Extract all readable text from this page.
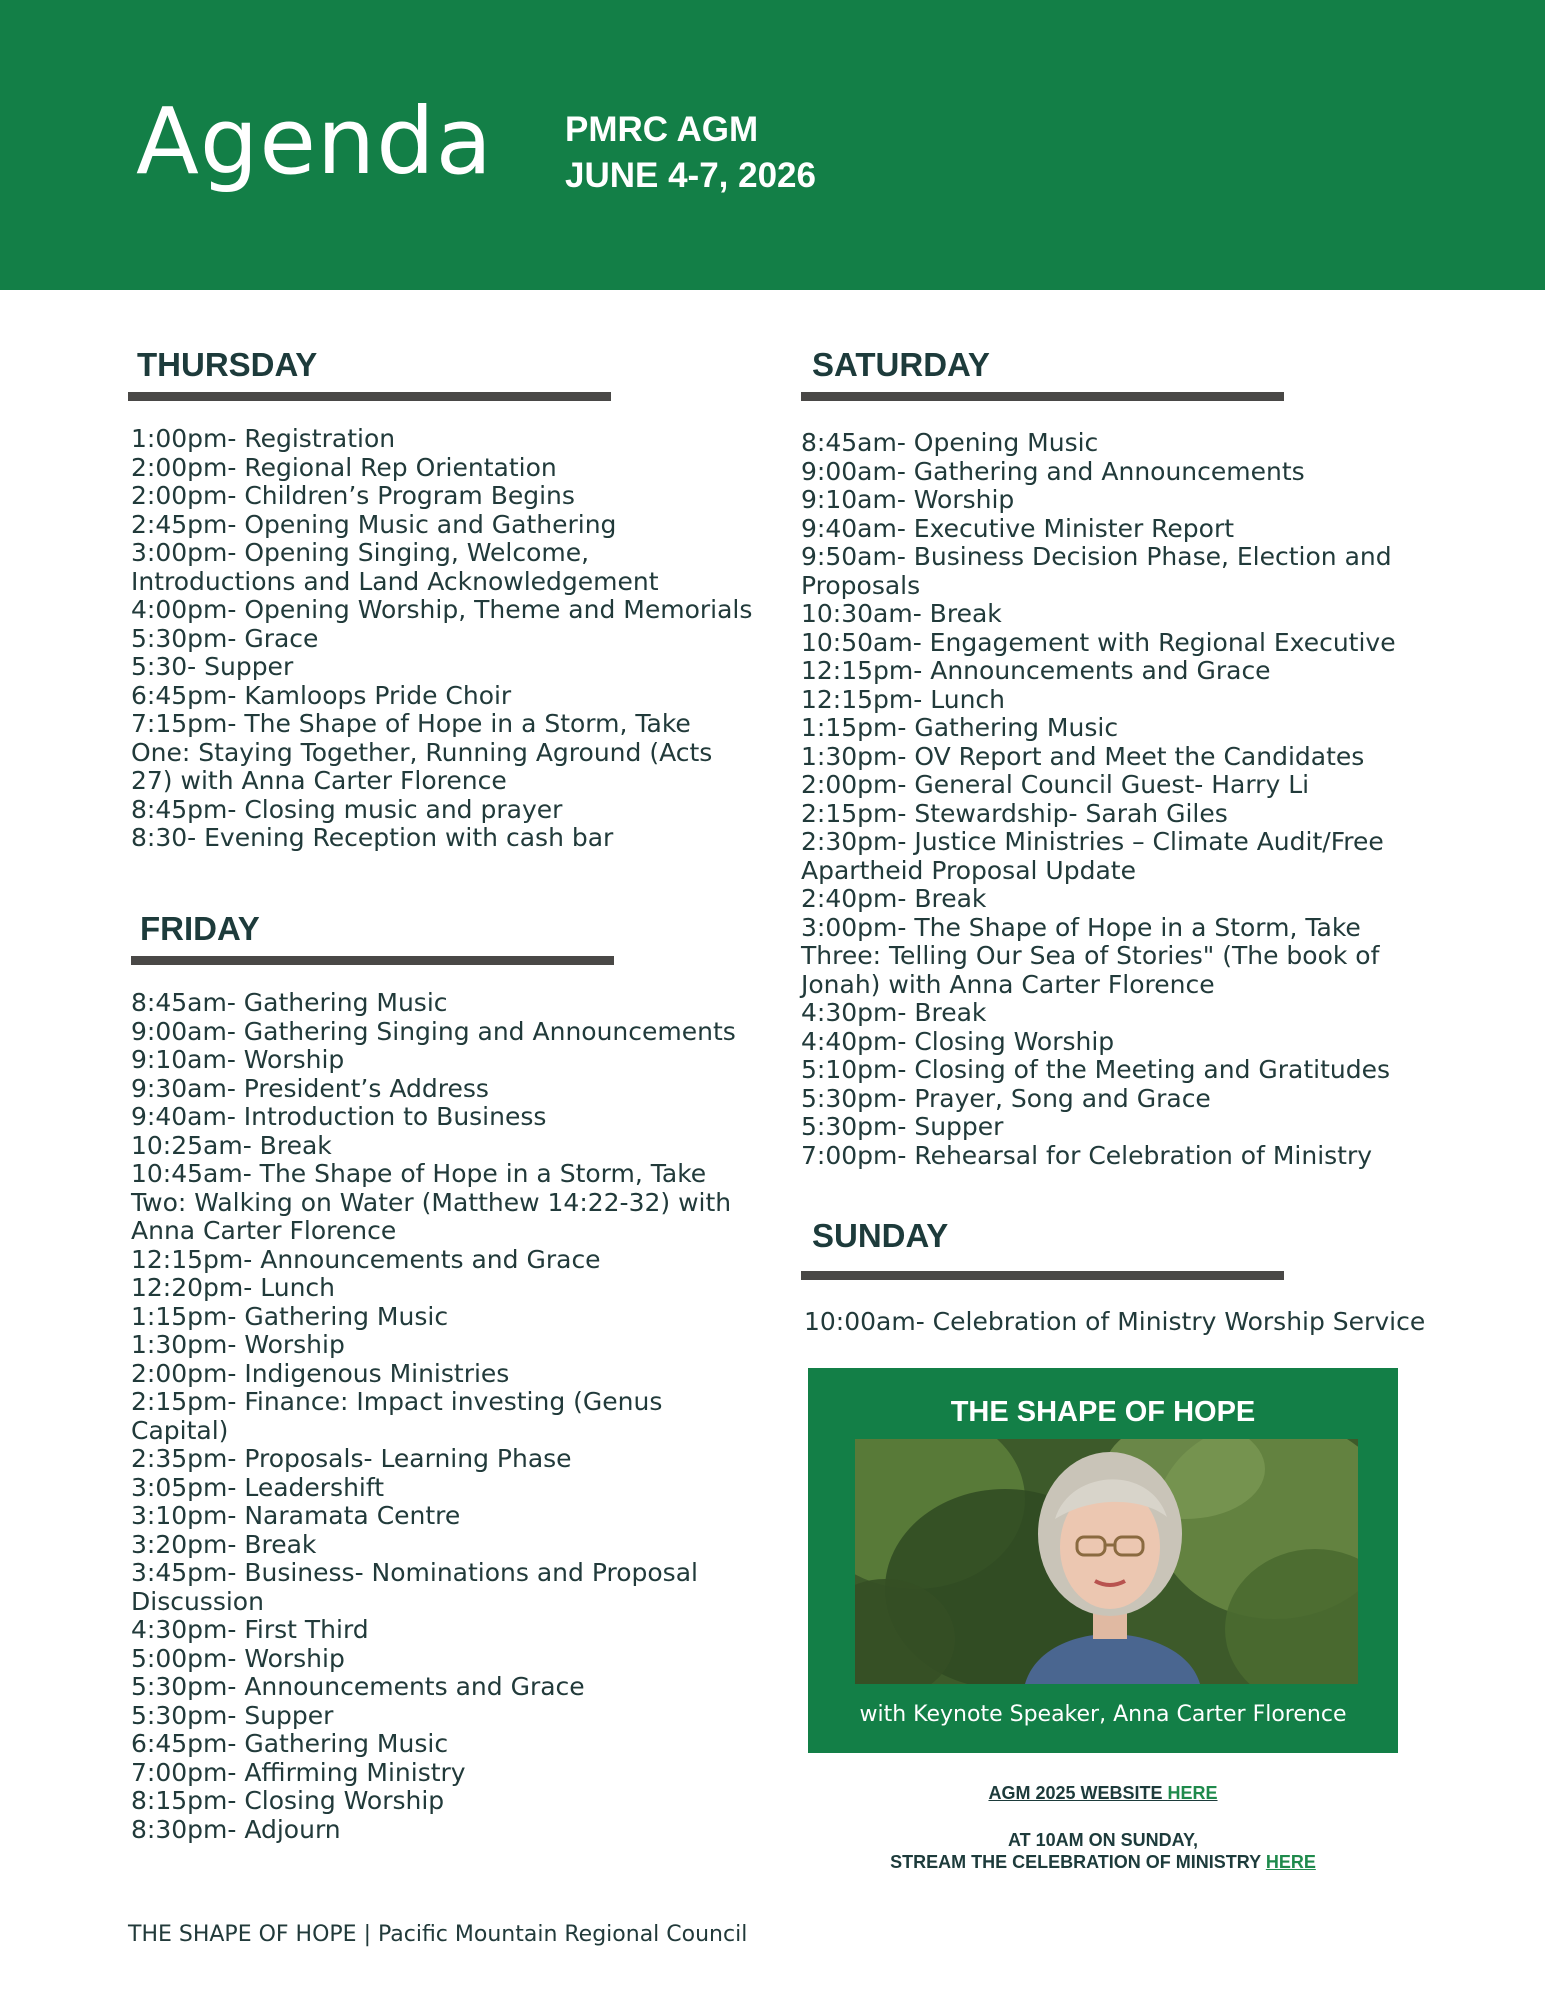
Agenda PMRC AGM
JUNE 4-7, 2026
THURSDAY
1:00pm- Registration
2:00pm- Regional Rep Orientation
2:00pm- Children’s Program Begins
2:45pm- Opening Music and Gathering
3:00pm- Opening Singing, Welcome, Introductions and Land Acknowledgement
4:00pm- Opening Worship, Theme and Memorials
5:30pm- Grace
5:30- Supper
6:45pm- Kamloops Pride Choir
7:15pm- The Shape of Hope in a Storm, Take One: Staying Together, Running Aground (Acts 27) with Anna Carter Florence
8:45pm- Closing music and prayer
8:30- Evening Reception with cash bar
FRIDAY
8:45am- Gathering Music
9:00am- Gathering Singing and Announcements
9:10am- Worship
9:30am- President’s Address
9:40am- Introduction to Business
10:25am- Break
10:45am- The Shape of Hope in a Storm, Take Two: Walking on Water (Matthew 14:22-32) with Anna Carter Florence
12:15pm- Announcements and Grace
12:20pm- Lunch
1:15pm- Gathering Music
1:30pm- Worship
2:00pm- Indigenous Ministries
2:15pm- Finance: Impact investing (Genus Capital)
2:35pm- Proposals- Learning Phase
3:05pm- Leadershift
3:10pm- Naramata Centre
3:20pm- Break
3:45pm- Business- Nominations and Proposal Discussion
4:30pm- First Third
5:00pm- Worship
5:30pm- Announcements and Grace
5:30pm- Supper
6:45pm- Gathering Music
7:00pm- Affirming Ministry
8:15pm- Closing Worship
8:30pm- Adjourn
SATURDAY
8:45am- Opening Music
9:00am- Gathering and Announcements
9:10am- Worship
9:40am- Executive Minister Report
9:50am- Business Decision Phase, Election and Proposals
10:30am- Break
10:50am- Engagement with Regional Executive
12:15pm- Announcements and Grace
12:15pm- Lunch
1:15pm- Gathering Music
1:30pm- OV Report and Meet the Candidates
2:00pm- General Council Guest- Harry Li
2:15pm- Stewardship- Sarah Giles
2:30pm- Justice Ministries – Climate Audit/Free Apartheid Proposal Update
2:40pm- Break
3:00pm- The Shape of Hope in a Storm, Take Three: Telling Our Sea of Stories" (The book of Jonah) with Anna Carter Florence
4:30pm- Break
4:40pm- Closing Worship
5:10pm- Closing of the Meeting and Gratitudes
5:30pm- Prayer, Song and Grace
5:30pm- Supper
7:00pm- Rehearsal for Celebration of Ministry
SUNDAY
10:00am- Celebration of Ministry Worship Service
THE SHAPE OF HOPE
with Keynote Speaker, Anna Carter Florence
AGM 2025 WEBSITE HERE
AT 10AM ON SUNDAY,
STREAM THE CELEBRATION OF MINISTRY HERE
THE SHAPE OF HOPE | Pacific Mountain Regional Council
